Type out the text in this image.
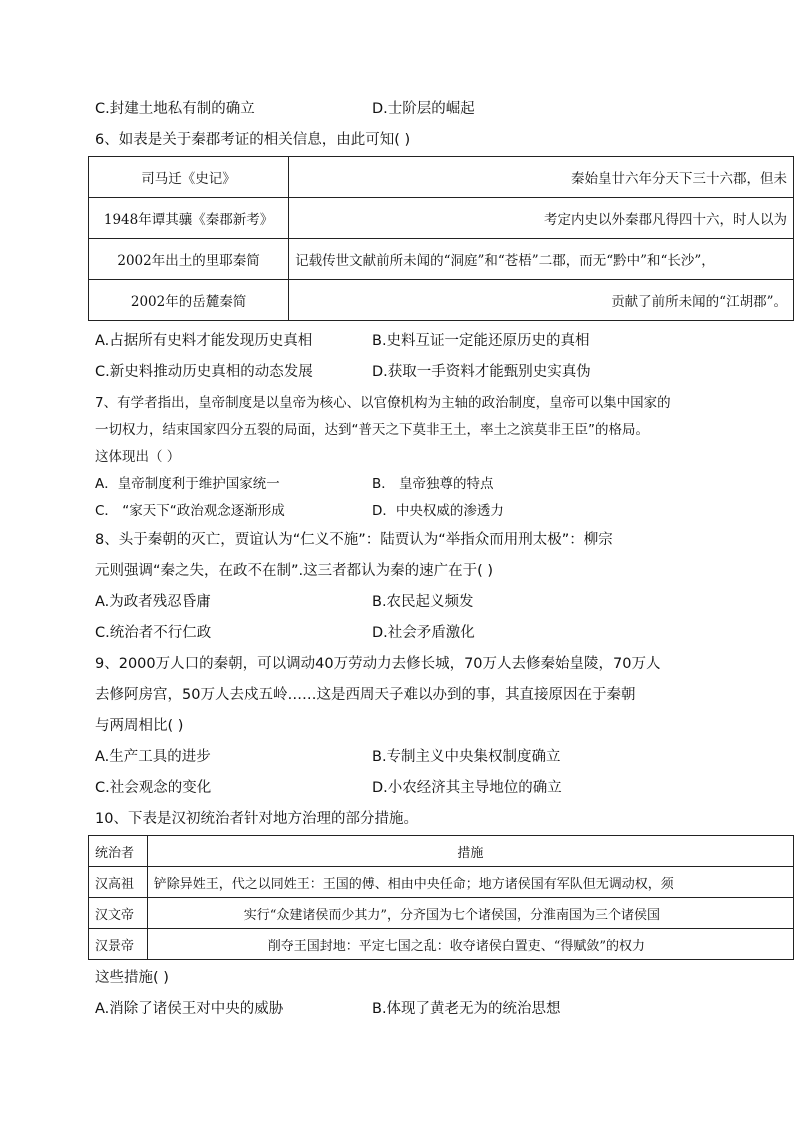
C.封建土地私有制的确立	D.士阶层的崛起
6、如表是关于秦郡考证的相关信息，由此可知( )
司马迁《史记》	秦始皇廿六年分天下三十六郡，但未
1948年谭其骧《秦郡新考》	考定内史以外秦郡凡得四十六，时人以为
2002年出土的里耶秦简	记载传世文献前所未闻的“洞庭”和“苍梧”二郡，而无“黔中”和“长沙”，
2002年的岳麓秦简	贡献了前所未闻的“江胡郡”。
A.占据所有史料才能发现历史真相	B.史料互证一定能还原历史的真相
C.新史料推动历史真相的动态发展	D.获取一手资料才能甄别史实真伪
7、有学者指出，皇帝制度是以皇帝为核心、以官僚机构为主轴的政治制度，皇帝可以集中国家的
一切权力，结束国家四分五裂的局面，达到“普天之下莫非王土，率土之滨莫非王臣”的格局。
这体现出（ ）
A．皇帝制度利于维护国家统一	B． 皇帝独尊的特点
C． “家天下“政治观念逐渐形成	D．中央权威的渗透力
8、头于秦朝的灭亡，贾谊认为“仁义不施”：陆贾认为“举指众而用刑太极”：柳宗
元则强调“秦之失，在政不在制”.这三者都认为秦的速广在于( )
A.为政者残忍昏庸	B.农民起义频发
C.统治者不行仁政	D.社会矛盾激化
9、2000万人口的秦朝，可以调动40万劳动力去修长城，70万人去修秦始皇陵，70万人
去修阿房宫，50万人去戍五岭……这是西周天子难以办到的事，其直接原因在于秦朝
与两周相比( )
A.生产工具的进步	B.专制主义中央集权制度确立
C.社会观念的变化	D.小农经济其主导地位的确立
10、下表是汉初统治者针对地方治理的部分措施。
统治者	措施
汉高祖	铲除异姓王，代之以同姓王：王国的傅、相由中央任命；地方诸侯国有军队但无调动权，须
汉文帝	实行“众建诸侯而少其力”，分齐国为七个诸侯国，分淮南国为三个诸侯国
汉景帝	削夺王国封地：平定七国之乱：收夺诸侯白置吏、“得赋敛”的权力
这些措施( )
A.消除了诸侯王对中央的威胁	B.体现了黄老无为的统治思想
